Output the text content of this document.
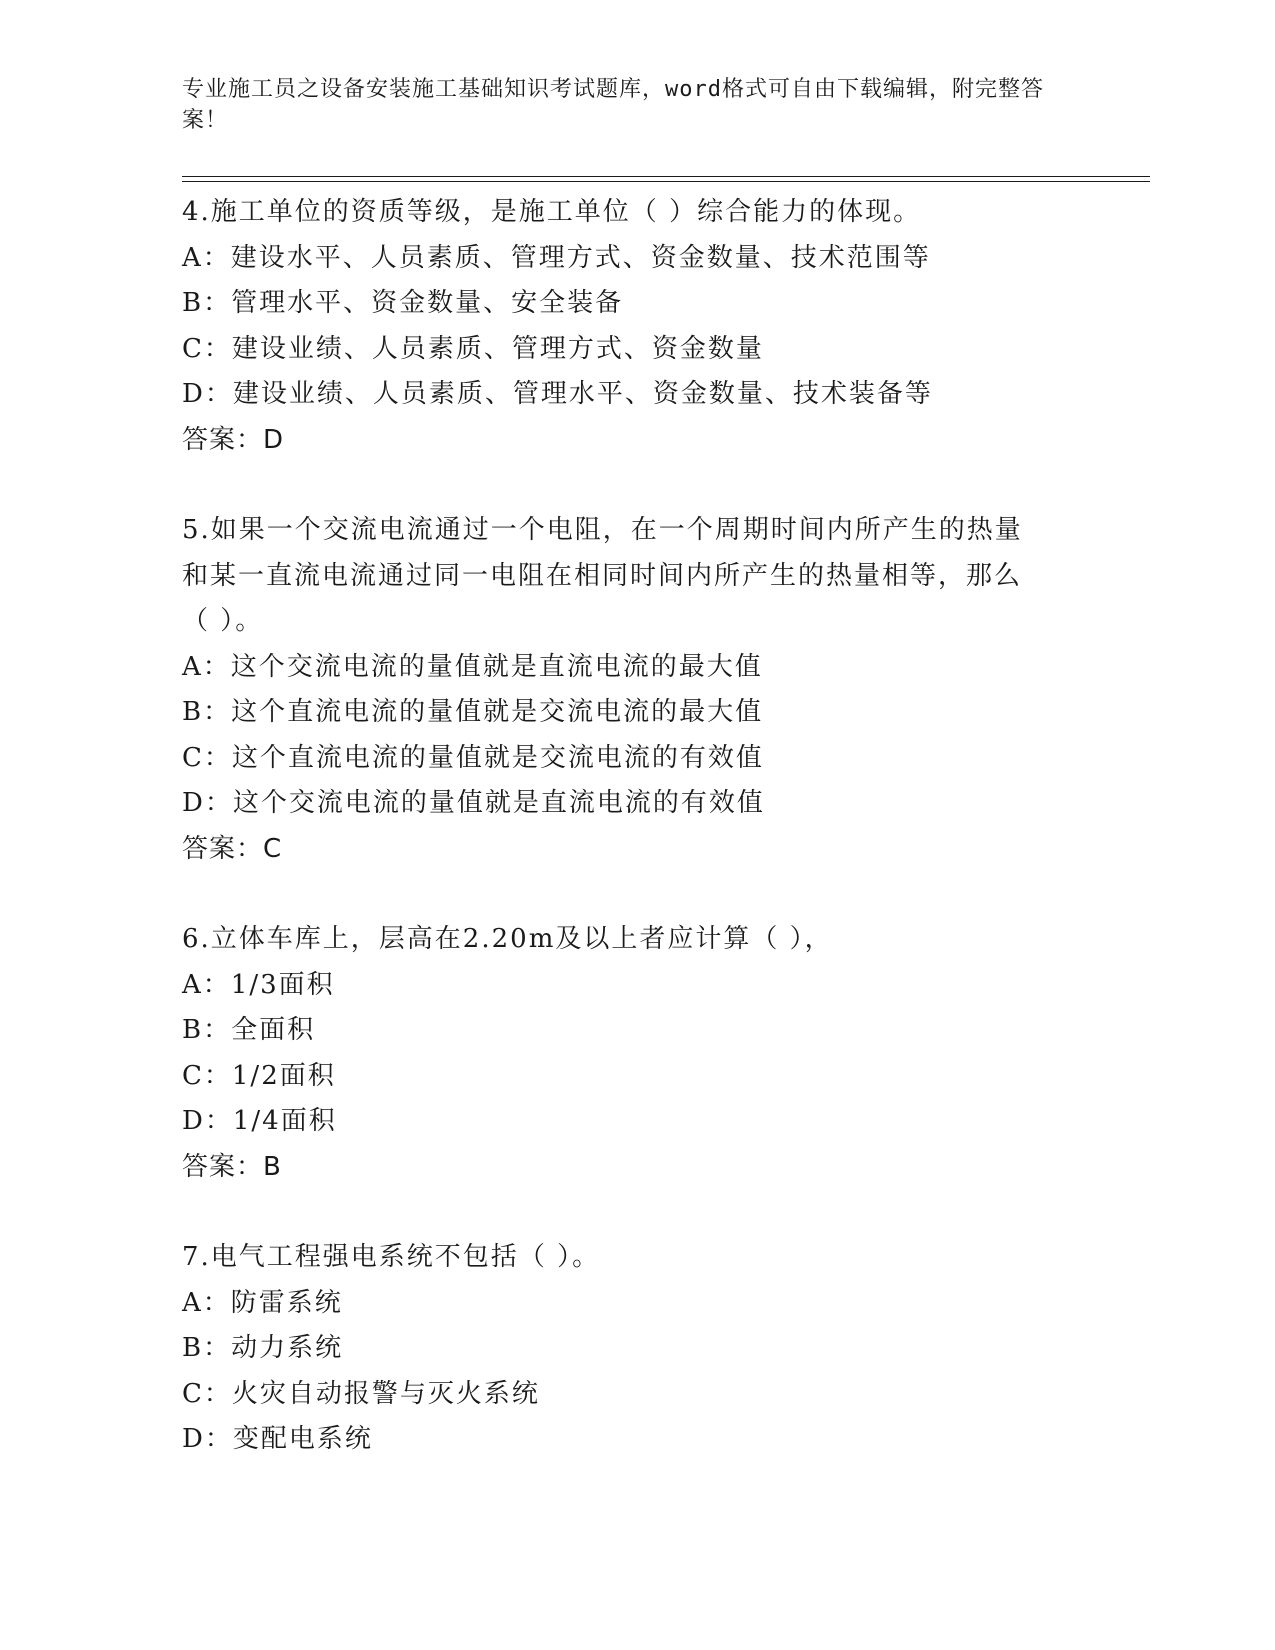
专业施工员之设备安装施工基础知识考试题库，word格式可自由下载编辑，附完整答案！
4.施工单位的资质等级，是施工单位（ ）综合能力的体现。
A：建设水平、人员素质、管理方式、资金数量、技术范围等
B：管理水平、资金数量、安全装备
C：建设业绩、人员素质、管理方式、资金数量
D：建设业绩、人员素质、管理水平、资金数量、技术装备等
答案：D
5.如果一个交流电流通过一个电阻，在一个周期时间内所产生的热量和某一直流电流通过同一电阻在相同时间内所产生的热量相等，那么（ ）。
A：这个交流电流的量值就是直流电流的最大值
B：这个直流电流的量值就是交流电流的最大值
C：这个直流电流的量值就是交流电流的有效值
D：这个交流电流的量值就是直流电流的有效值
答案：C
6.立体车库上，层高在2.20m及以上者应计算（ ），
A：1/3面积
B：全面积
C：1/2面积
D：1/4面积
答案：B
7.电气工程强电系统不包括（ ）。
A：防雷系统
B：动力系统
C：火灾自动报警与灭火系统
D：变配电系统
